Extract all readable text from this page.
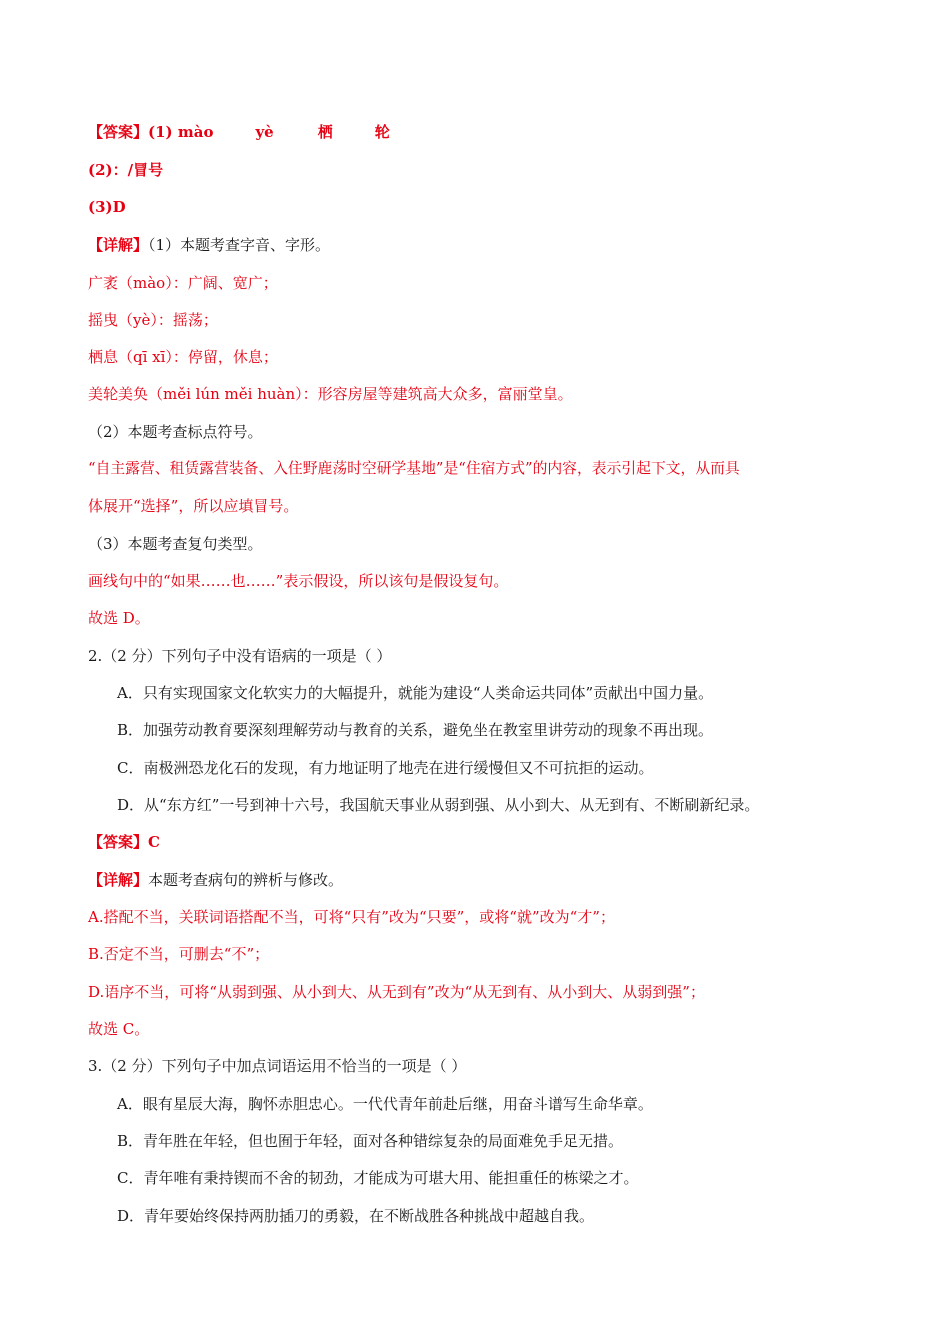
【答案】(1) mào	yè	栖	轮
(2)：/冒号
(3)D
【详解】（1）本题考查字音、字形。
广袤（mào）：广阔、宽广；
摇曳（yè）：摇荡；
栖息（qī xī）：停留，休息；
美轮美奂（měi lún měi huàn）：形容房屋等建筑高大众多，富丽堂皇。
（2）本题考查标点符号。
“自主露营、租赁露营装备、入住野鹿荡时空研学基地”是“住宿方式”的内容，表示引起下文，从而具
体展开“选择”，所以应填冒号。
（3）本题考查复句类型。
画线句中的“如果……也……”表示假设，所以该句是假设复句。
故选 D。
2.（2 分）下列句子中没有语病的一项是（ ）
A．只有实现国家文化软实力的大幅提升，就能为建设“人类命运共同体”贡献出中国力量。
B．加强劳动教育要深刻理解劳动与教育的关系，避免坐在教室里讲劳动的现象不再出现。
C．南极洲恐龙化石的发现，有力地证明了地壳在进行缓慢但又不可抗拒的运动。
D．从“东方红”一号到神十六号，我国航天事业从弱到强、从小到大、从无到有、不断刷新纪录。
【答案】C
【详解】本题考查病句的辨析与修改。
A.搭配不当，关联词语搭配不当，可将“只有”改为“只要”，或将“就”改为“才”；
B.否定不当，可删去“不”；
D.语序不当，可将“从弱到强、从小到大、从无到有”改为“从无到有、从小到大、从弱到强”；
故选 C。
3.（2 分）下列句子中加点词语运用不恰当的一项是（ ）
A．眼有星辰大海，胸怀赤胆忠心。一代代青年前赴后继，用奋斗谱写生命华章。
B．青年胜在年轻，但也囿于年轻，面对各种错综复杂的局面难免手足无措。
C．青年唯有秉持锲而不舍的韧劲，才能成为可堪大用、能担重任的栋梁之才。
D．青年要始终保持两肋插刀的勇毅，在不断战胜各种挑战中超越自我。
